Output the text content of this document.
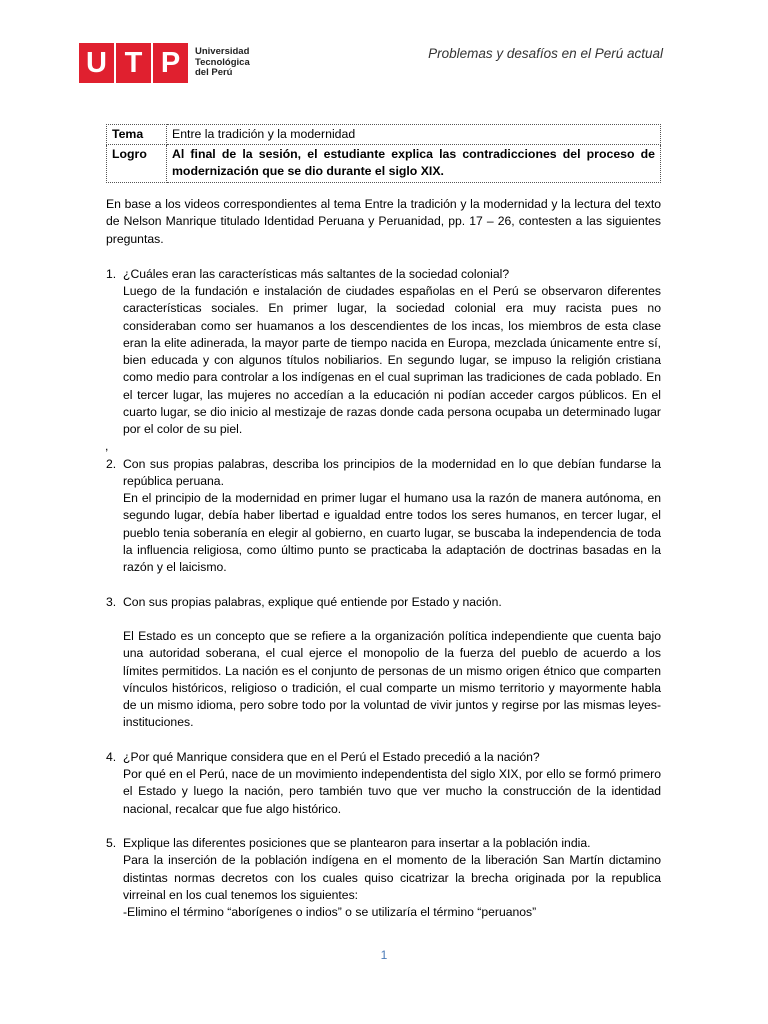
U T P	Universidad
Tecnológica
del Perú
Problemas y desafíos en el Perú actual
Tema	Entre la tradición y la modernidad
Logro	Al final de la sesión, el estudiante explica las contradicciones del proceso de modernización que se dio durante el siglo XIX.

En base a los videos correspondientes al tema Entre la tradición y la modernidad y la lectura del texto de Nelson Manrique titulado Identidad Peruana y Peruanidad, pp. 17 – 26, contesten a las siguientes preguntas.

1. ¿Cuáles eran las características más saltantes de la sociedad colonial?
Luego de la fundación e instalación de ciudades españolas en el Perú se observaron diferentes características sociales. En primer lugar, la sociedad colonial era muy racista pues no consideraban como ser huamanos a los descendientes de los incas, los miembros de esta clase eran la elite adinerada, la mayor parte de tiempo nacida en Europa, mezclada únicamente entre sí, bien educada y con algunos títulos nobiliarios. En segundo lugar, se impuso la religión cristiana como medio para controlar a los indígenas en el cual supriman las tradiciones de cada poblado. En el tercer lugar, las mujeres no accedían a la educación ni podían acceder cargos públicos. En el cuarto lugar, se dio inicio al mestizaje de razas donde cada persona ocupaba un determinado lugar por el color de su piel.
,
2. Con sus propias palabras, describa los principios de la modernidad en lo que debían fundarse la república peruana.
En el principio de la modernidad en primer lugar el humano usa la razón de manera autónoma, en segundo lugar, debía haber libertad e igualdad entre todos los seres humanos, en tercer lugar, el pueblo tenia soberanía en elegir al gobierno, en cuarto lugar, se buscaba la independencia de toda la influencia religiosa, como último punto se practicaba la adaptación de doctrinas basadas en la razón y el laicismo.
3. Con sus propias palabras, explique qué entiende por Estado y nación.
El Estado es un concepto que se refiere a la organización política independiente que cuenta bajo una autoridad soberana, el cual ejerce el monopolio de la fuerza del pueblo de acuerdo a los límites permitidos. La nación es el conjunto de personas de un mismo origen étnico que comparten vínculos históricos, religioso o tradición, el cual comparte un mismo territorio y mayormente habla de un mismo idioma, pero sobre todo por la voluntad de vivir juntos y regirse por las mismas leyes-instituciones.
4. ¿Por qué Manrique considera que en el Perú el Estado precedió a la nación?
Por qué en el Perú, nace de un movimiento independentista del siglo XIX, por ello se formó primero el Estado y luego la nación, pero también tuvo que ver mucho la construcción de la identidad nacional, recalcar que fue algo histórico.
5. Explique las diferentes posiciones que se plantearon para insertar a la población india.
Para la inserción de la población indígena en el momento de la liberación San Martín dictamino distintas normas decretos con los cuales quiso cicatrizar la brecha originada por la republica virreinal en los cual tenemos los siguientes:
-Elimino el término “aborígenes o indios” o se utilizaría el término “peruanos”
1
